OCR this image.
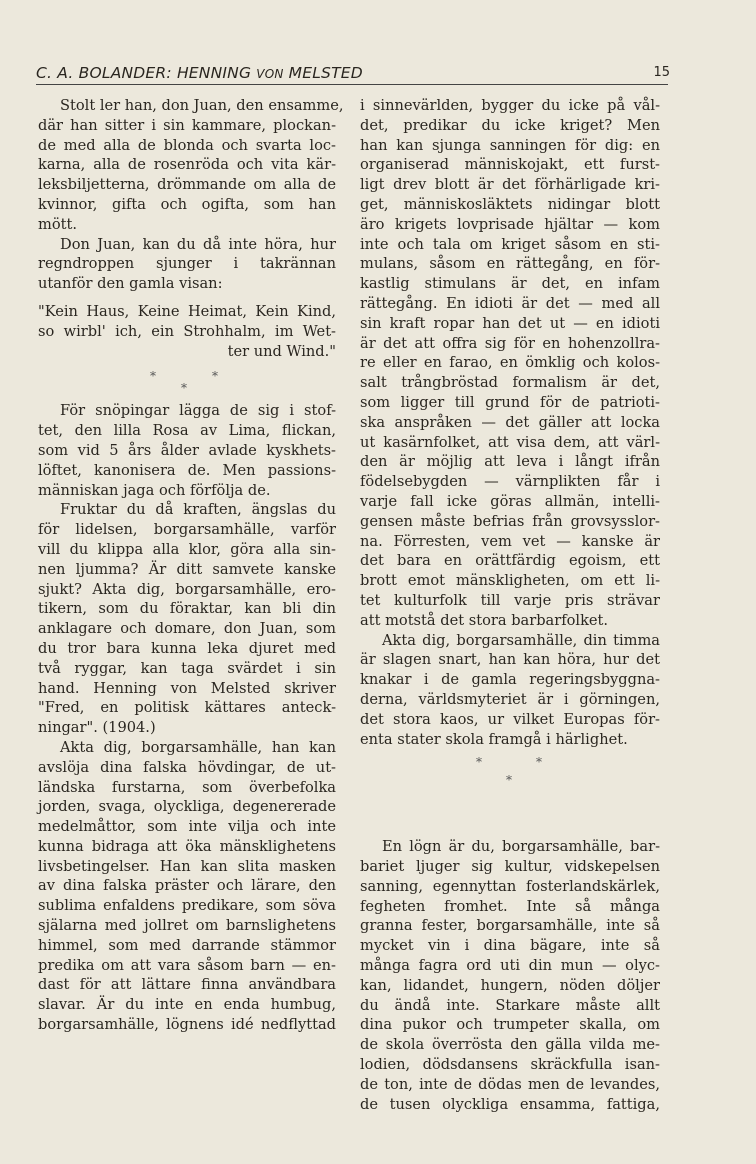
C. A. BOLANDER: HENNING VON MELSTED	15
Stolt ler han, don Juan, den ensamme,
där han sitter i sin kammare, plockan-
de med alla de blonda och svarta loc-
karna, alla de rosenröda och vita kär-
leksbiljetterna, drömmande om alla de
kvinnor, gifta och ogifta, som han
mött.
Don Juan, kan du då inte höra, hur
regndroppen sjunger i takrännan
utanför den gamla visan:
"Kein Haus, Keine Heimat, Kein Kind,
so wirbl' ich, ein Strohhalm, im Wet-
ter und Wind."
*	*
*
För snöpingar lägga de sig i stof-
tet, den lilla Rosa av Lima, flickan,
som vid 5 års ålder avlade kyskhets-
löftet, kanonisera de. Men passions-
människan jaga och förfölja de.
Fruktar du då kraften, ängslas du
för lidelsen, borgarsamhälle, varför
vill du klippa alla klor, göra alla sin-
nen ljumma? Är ditt samvete kanske
sjukt? Akta dig, borgarsamhälle, ero-
tikern, som du föraktar, kan bli din
anklagare och domare, don Juan, som
du tror bara kunna leka djuret med
två ryggar, kan taga svärdet i sin
hand. Henning von Melsted skriver
"Fred, en politisk kättares anteck-
ningar". (1904.)
Akta dig, borgarsamhälle, han kan
avslöja dina falska hövdingar, de ut-
ländska furstarna, som överbefolka
jorden, svaga, olyckliga, degenererade
medelmåttor, som inte vilja och inte
kunna bidraga att öka mänsklighetens
livsbetingelser. Han kan slita masken
av dina falska präster och lärare, den
sublima enfaldens predikare, som söva
själarna med jollret om barnslighetens
himmel, som med darrande stämmor
predika om att vara såsom barn — en-
dast för att lättare finna användbara
slavar. Är du inte en enda humbug,
borgarsamhälle, lögnens idé nedflyttad
i sinnevärlden, bygger du icke på vål-
det, predikar du icke kriget? Men
han kan sjunga sanningen för dig: en
organiserad människojakt, ett furst-
ligt drev blott är det förhärligade kri-
get, människosläktets nidingar blott
äro krigets lovprisade hjältar — kom
inte och tala om kriget såsom en sti-
mulans, såsom en rättegång, en för-
kastlig stimulans är det, en infam
rättegång. En idioti är det — med all
sin kraft ropar han det ut — en idioti
är det att offra sig för en hohenzollra-
re eller en farao, en ömklig och kolos-
salt trångbröstad formalism är det,
som ligger till grund för de patrioti-
ska anspråken — det gäller att locka
ut kasärnfolket, att visa dem, att värl-
den är möjlig att leva i långt ifrån
födelsebygden — värnplikten får i
varje fall icke göras allmän, intelli-
gensen måste befrias från grovsysslor-
na. Förresten, vem vet — kanske är
det bara en orättfärdig egoism, ett
brott emot mänskligheten, om ett li-
tet kulturfolk till varje pris strävar
att motstå det stora barbarfolket.
Akta dig, borgarsamhälle, din timma
är slagen snart, han kan höra, hur det
knakar i de gamla regeringsbyggna-
derna, världsmyteriet är i görningen,
det stora kaos, ur vilket Europas för-
enta stater skola framgå i härlighet.
*	*
*
En lögn är du, borgarsamhälle, bar-
bariet ljuger sig kultur, vidskepelsen
sanning, egennyttan fosterlandskärlek,
fegheten fromhet. Inte så många
granna fester, borgarsamhälle, inte så
mycket vin i dina bägare, inte så
många fagra ord uti din mun — olyc-
kan, lidandet, hungern, nöden döljer
du ändå inte. Starkare måste allt
dina pukor och trumpeter skalla, om
de skola överrösta den gälla vilda me-
lodien, dödsdansens skräckfulla isan-
de ton, inte de dödas men de levandes,
de tusen olyckliga ensamma, fattiga,
